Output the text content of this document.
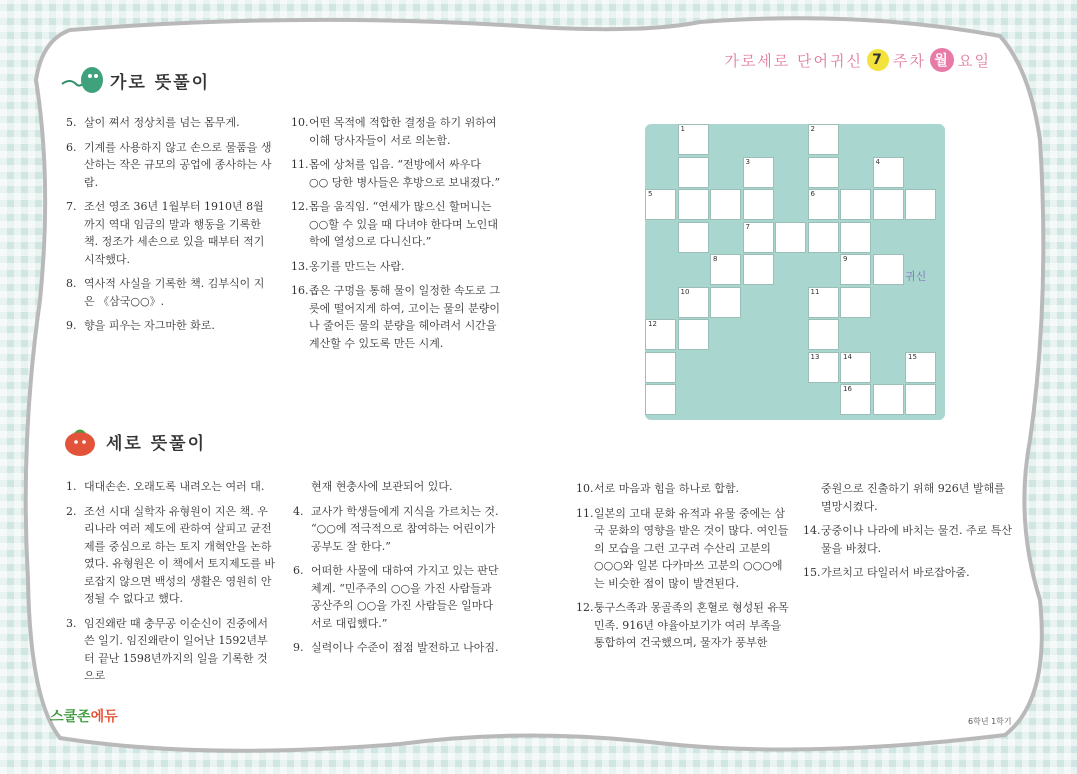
가로세로 단어귀신 7 주차 월 요일
가로 뜻풀이
5. 살이 쪄서 정상치를 넘는 몸무게.
6. 기계를 사용하지 않고 손으로 물품을 생산하는 작은 규모의 공업에 종사하는 사람.
7. 조선 영조 36년 1월부터 1910년 8월까지 역대 임금의 말과 행동을 기록한 책. 정조가 세손으로 있을 때부터 적기 시작했다.
8. 역사적 사실을 기록한 책. 김부식이 지은 《삼국○○》.
9. 향을 피우는 자그마한 화로.
10. 어떤 목적에 적합한 결정을 하기 위하여 이해 당사자들이 서로 의논함.
11. 몸에 상처를 입음. “전방에서 싸우다 ○○ 당한 병사들은 후방으로 보내졌다.”
12. 몸을 움직임. “연세가 많으신 할머니는 ○○할 수 있을 때 다녀야 한다며 노인대학에 열성으로 다니신다.”
13. 옹기를 만드는 사람.
16. 좁은 구멍을 통해 물이 일정한 속도로 그릇에 떨어지게 하여, 고이는 물의 분량이나 줄어든 물의 분량을 헤아려서 시간을 계산할 수 있도록 만든 시계.
1	2
3	4
5	6
7
8	9
10	11
12
13	14	15
16
귀신
세로 뜻풀이
1. 대대손손. 오래도록 내려오는 여러 대.
2. 조선 시대 실학자 유형원이 지은 책. 우리나라 여러 제도에 관하여 살피고 균전제를 중심으로 하는 토지 개혁안을 논하였다. 유형원은 이 책에서 토지제도를 바로잡지 않으면 백성의 생활은 영원히 안정될 수 없다고 했다.
3. 임진왜란 때 충무공 이순신이 진중에서 쓴 일기. 임진왜란이 일어난 1592년부터 끝난 1598년까지의 일을 기록한 것으로
현재 현충사에 보관되어 있다.
4. 교사가 학생들에게 지식을 가르치는 것. “○○에 적극적으로 참여하는 어린이가 공부도 잘 한다.”
6. 어떠한 사물에 대하여 가지고 있는 판단 체계. “민주주의 ○○을 가진 사람들과 공산주의 ○○을 가진 사람들은 일마다 서로 대립했다.”
9. 실력이나 수준이 점점 발전하고 나아짐.
10. 서로 마음과 힘을 하나로 합함.
11. 일본의 고대 문화 유적과 유물 중에는 삼국 문화의 영향을 받은 것이 많다. 여인들의 모습을 그런 고구려 수산리 고분의 ○○○와 일본 다카마쓰 고분의 ○○○에는 비슷한 점이 많이 발견된다.
12. 퉁구스족과 몽골족의 혼혈로 형성된 유목민족. 916년 야율아보기가 여러 부족을 통합하여 건국했으며, 물자가 풍부한
중원으로 진출하기 위해 926년 발해를 멸망시켰다.
14. 궁중이나 나라에 바치는 물건. 주로 특산물을 바쳤다.
15. 가르치고 타일러서 바로잡아줌.
스쿨존에듀	6학년 1학기
